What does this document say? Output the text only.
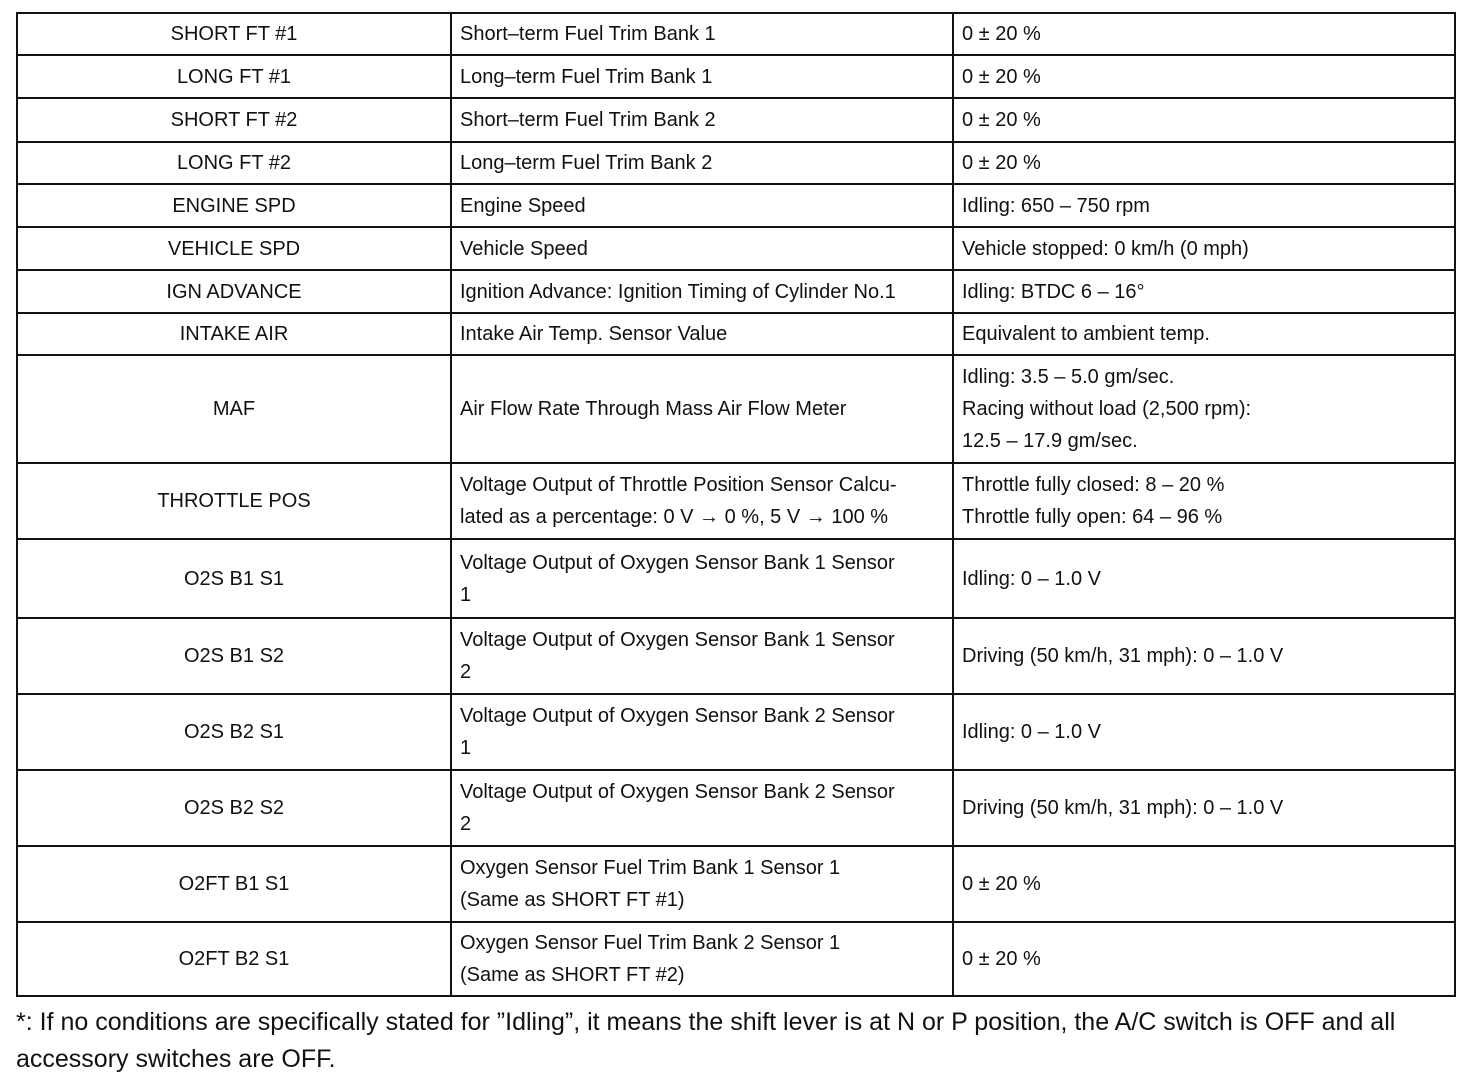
SHORT FT #1	Short–term Fuel Trim Bank 1	0 ± 20 %

LONG FT #1	Long–term Fuel Trim Bank 1	0 ± 20 %

SHORT FT #2	Short–term Fuel Trim Bank 2	0 ± 20 %

LONG FT #2	Long–term Fuel Trim Bank 2	0 ± 20 %

ENGINE SPD	Engine Speed	Idling: 650 – 750 rpm

VEHICLE SPD	Vehicle Speed	Vehicle stopped: 0 km/h (0 mph)

IGN ADVANCE	Ignition Advance: Ignition Timing of Cylinder No.1	Idling: BTDC 6 – 16°

INTAKE AIR	Intake Air Temp. Sensor Value	Equivalent to ambient temp.

MAF	Air Flow Rate Through Mass Air Flow Meter	Idling: 3.5 – 5.0 gm/sec.
Racing without load (2,500 rpm):
12.5 – 17.9 gm/sec.

THROTTLE POS	Voltage Output of Throttle Position Sensor Calcu-
lated as a percentage: 0 V → 0 %, 5 V → 100 %	Throttle fully closed: 8 – 20 %
Throttle fully open: 64 – 96 %

O2S B1 S1	Voltage Output of Oxygen Sensor Bank 1 Sensor
1	Idling: 0 – 1.0 V

O2S B1 S2	Voltage Output of Oxygen Sensor Bank 1 Sensor
2	Driving (50 km/h, 31 mph): 0 – 1.0 V

O2S B2 S1	Voltage Output of Oxygen Sensor Bank 2 Sensor
1	Idling: 0 – 1.0 V

O2S B2 S2	Voltage Output of Oxygen Sensor Bank 2 Sensor
2	Driving (50 km/h, 31 mph): 0 – 1.0 V

O2FT B1 S1	Oxygen Sensor Fuel Trim Bank 1 Sensor 1
(Same as SHORT FT #1)	0 ± 20 %

O2FT B2 S1	Oxygen Sensor Fuel Trim Bank 2 Sensor 1
(Same as SHORT FT #2)	0 ± 20 %
*: If no conditions are specifically stated for ”Idling”, it means the shift lever is at N or P position, the A/C switch is OFF and all accessory switches are OFF.
